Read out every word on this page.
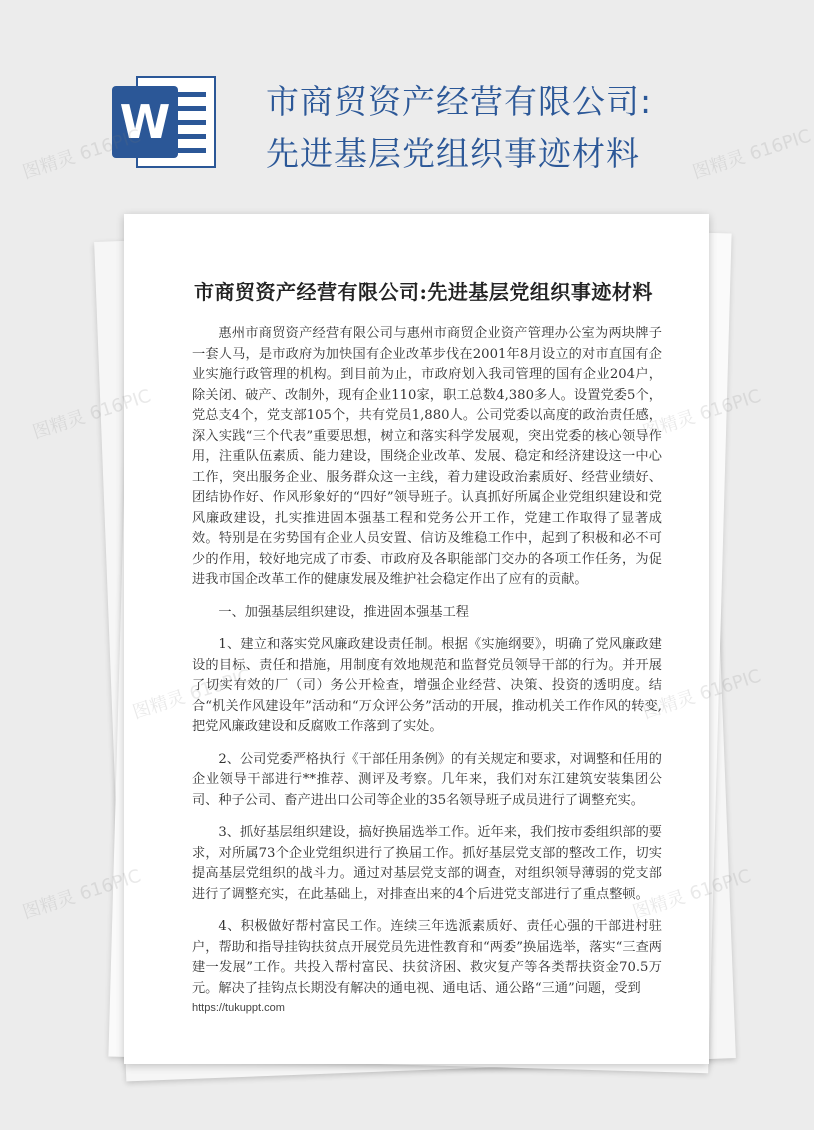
W	市商贸资产经营有限公司:先进基层党组织事迹材料
市商贸资产经营有限公司:先进基层党组织事迹材料

惠州市商贸资产经营有限公司与惠州市商贸企业资产管理办公室为两块牌子一套人马，是市政府为加快国有企业改革步伐在2001年8月设立的对市直国有企业实施行政管理的机构。到目前为止，市政府划入我司管理的国有企业204户，除关闭、破产、改制外，现有企业110家，职工总数4,380多人。设置党委5个，党总支4个，党支部105个，共有党员1,880人。公司党委以高度的政治责任感，深入实践“三个代表”重要思想，树立和落实科学发展观，突出党委的核心领导作用，注重队伍素质、能力建设，围绕企业改革、发展、稳定和经济建设这一中心工作，突出服务企业、服务群众这一主线，着力建设政治素质好、经营业绩好、团结协作好、作风形象好的“四好”领导班子。认真抓好所属企业党组织建设和党风廉政建设，扎实推进固本强基工程和党务公开工作，党建工作取得了显著成效。特别是在劣势国有企业人员安置、信访及维稳工作中，起到了积极和必不可少的作用，较好地完成了市委、市政府及各职能部门交办的各项工作任务，为促进我市国企改革工作的健康发展及维护社会稳定作出了应有的贡献。

一、加强基层组织建设，推进固本强基工程

1、建立和落实党风廉政建设责任制。根据《实施纲要》，明确了党风廉政建设的目标、责任和措施，用制度有效地规范和监督党员领导干部的行为。并开展了切实有效的厂（司）务公开检查，增强企业经营、决策、投资的透明度。结合“机关作风建设年”活动和“万众评公务”活动的开展，推动机关工作作风的转变,把党风廉政建设和反腐败工作落到了实处。

2、公司党委严格执行《干部任用条例》的有关规定和要求，对调整和任用的企业领导干部进行**推荐、测评及考察。几年来，我们对东江建筑安装集团公司、种子公司、畜产进出口公司等企业的35名领导班子成员进行了调整充实。

3、抓好基层组织建设，搞好换届选举工作。近年来，我们按市委组织部的要求，对所属73个企业党组织进行了换届工作。抓好基层党支部的整改工作，切实提高基层党组织的战斗力。通过对基层党支部的调查，对组织领导薄弱的党支部进行了调整充实，在此基础上，对排查出来的4个后进党支部进行了重点整顿。

4、积极做好帮村富民工作。连续三年选派素质好、责任心强的干部进村驻户，帮助和指导挂钩扶贫点开展党员先进性教育和“两委”换届选举，落实“三查两建一发展”工作。共投入帮村富民、扶贫济困、救灾复产等各类帮扶资金70.5万元。解决了挂钩点长期没有解决的通电视、通电话、通公路“三通”问题，受到

https://tukuppt.com
图精灵 616PIC
图精灵 616PIC
图精灵 616PIC	616PIC
616PIC
图精灵 616PIC
